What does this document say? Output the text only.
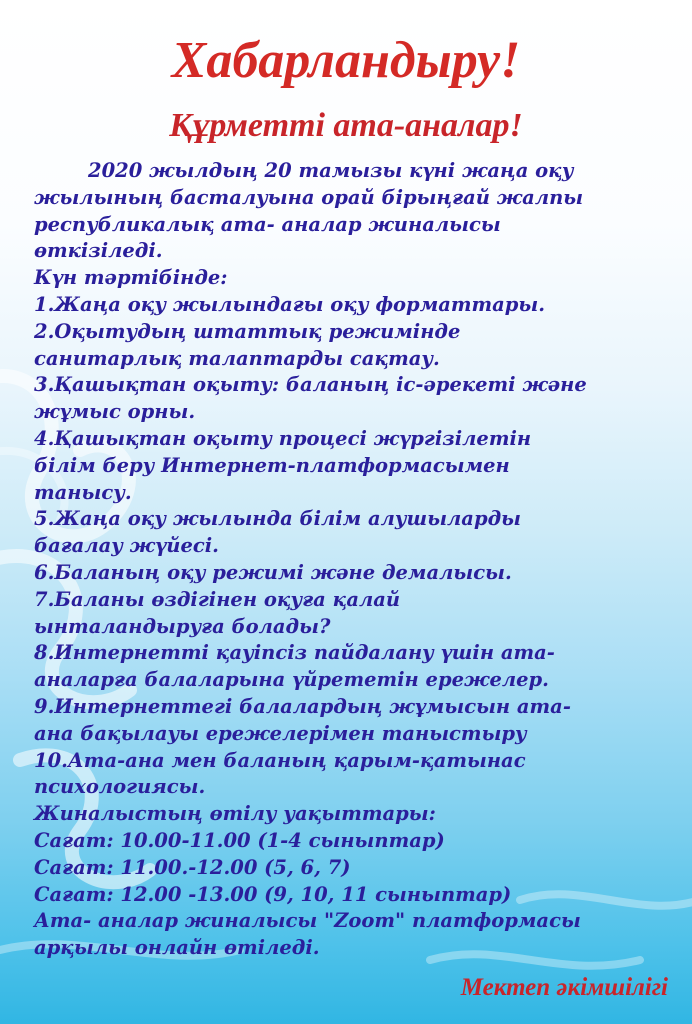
Хабарландыру!
Құрметті ата-аналар!
2020 жылдың 20 тамызы күні жаңа оқу
жылының басталуына орай бірыңғай жалпы
республикалық ата- аналар жиналысы
өткізіледі.
Күн тәртібінде:
1.Жаңа оқу жылындағы оқу форматтары.
2.Оқытудың штаттық режимінде
санитарлық талаптарды сақтау.
3.Қашықтан оқыту: баланың іс-әрекеті және
жұмыс орны.
4.Қашықтан оқыту процесі жүргізілетін
білім беру Интернет-платформасымен
танысу.
5.Жаңа оқу жылында білім алушыларды
бағалау жүйесі.
6.Баланың оқу режимі және демалысы.
7.Баланы өздігінен оқуға қалай
ынталандыруға болады?
8.Интернетті қауіпсіз пайдалану үшін ата-
аналарға балаларына үйрететін ережелер.
9.Интернеттегі балалардың жұмысын ата-
ана бақылауы ережелерімен таныстыру
10.Ата-ана мен баланың қарым-қатынас
психологиясы.
Жиналыстың өтілу уақыттары:
Сағат: 10.00-11.00 (1-4 сыныптар)
Сағат: 11.00.-12.00 (5, 6, 7)
Сағат: 12.00 -13.00 (9, 10, 11 сыныптар)
Ата- аналар жиналысы "Zoom" платформасы
арқылы онлайн өтіледі.
Мектеп әкімшілігі
